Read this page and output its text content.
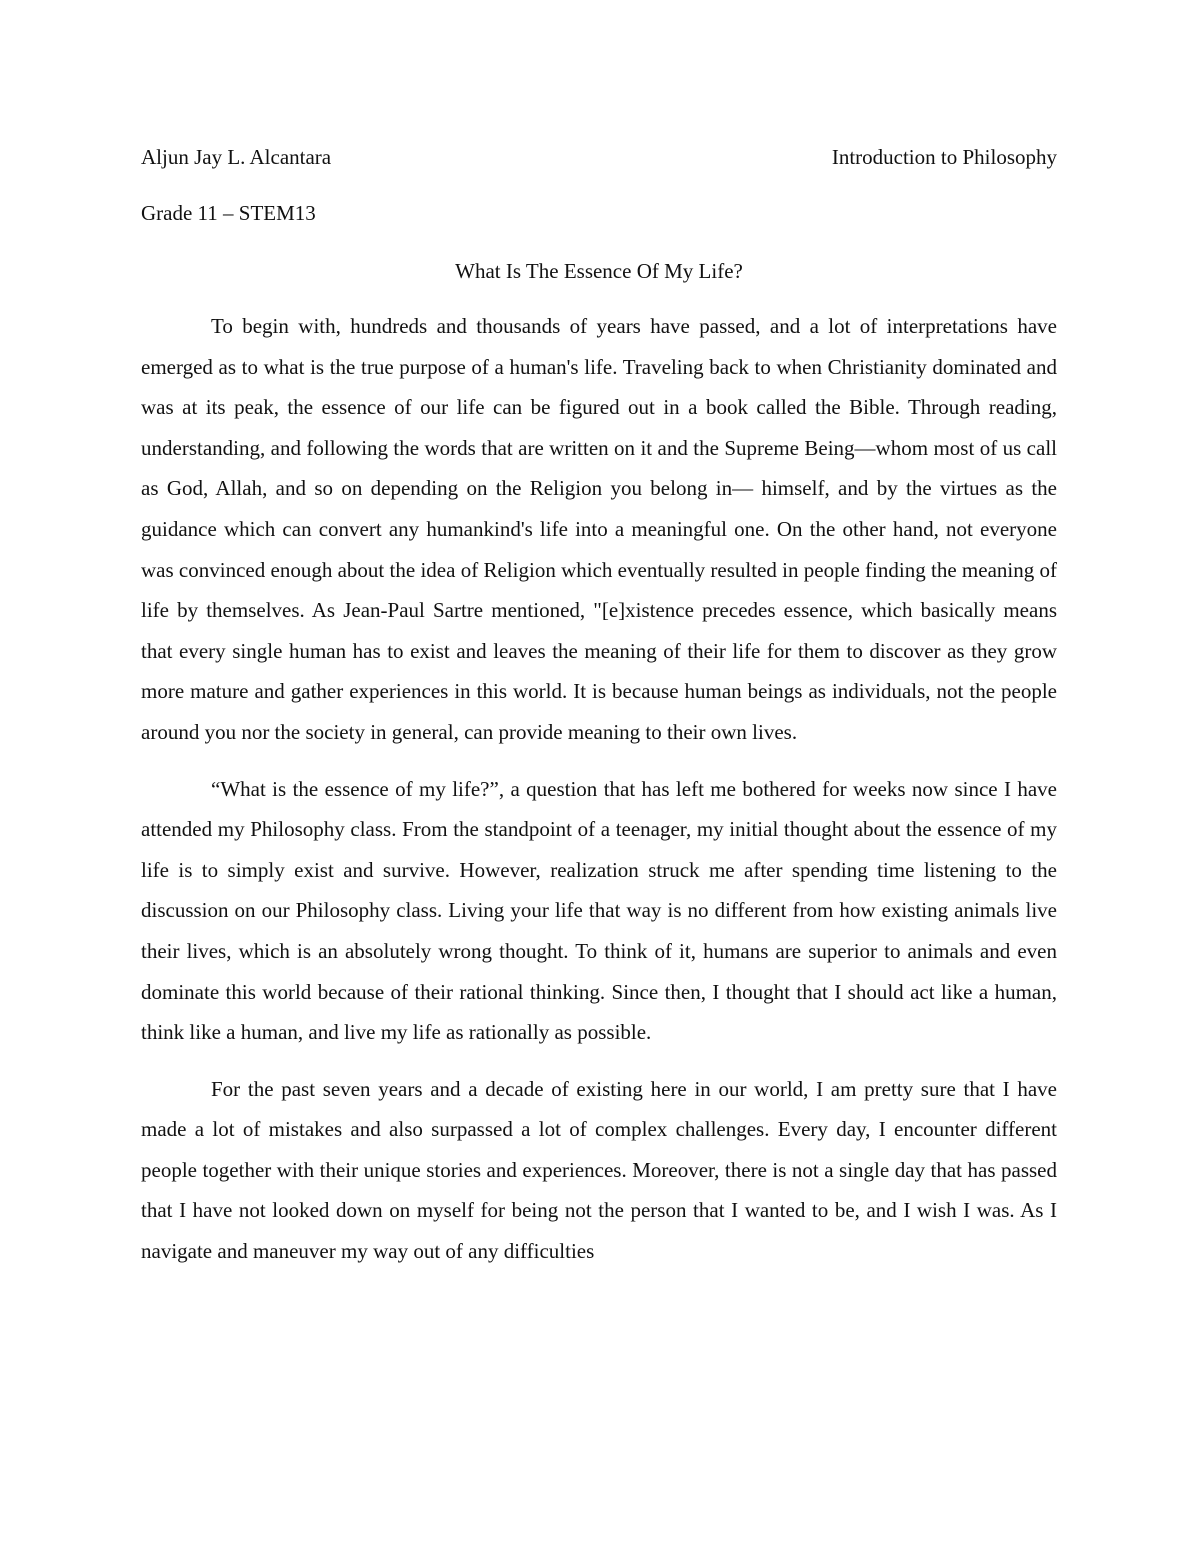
Aljun Jay L. Alcantara	Introduction to Philosophy
Grade 11 – STEM13
What Is The Essence Of My Life?

To begin with, hundreds and thousands of years have passed, and a lot of interpretations have emerged as to what is the true purpose of a human's life. Traveling back to when Christianity dominated and was at its peak, the essence of our life can be figured out in a book called the Bible. Through reading, understanding, and following the words that are written on it and the Supreme Being—whom most of us call as God, Allah, and so on depending on the Religion you belong in— himself, and by the virtues as the guidance which can convert any humankind's life into a meaningful one. On the other hand, not everyone was convinced enough about the idea of Religion which eventually resulted in people finding the meaning of life by themselves. As Jean-Paul Sartre mentioned, "[e]xistence precedes essence, which basically means that every single human has to exist and leaves the meaning of their life for them to discover as they grow more mature and gather experiences in this world. It is because human beings as individuals, not the people around you nor the society in general, can provide meaning to their own lives.

“What is the essence of my life?”, a question that has left me bothered for weeks now since I have attended my Philosophy class. From the standpoint of a teenager, my initial thought about the essence of my life is to simply exist and survive. However, realization struck me after spending time listening to the discussion on our Philosophy class. Living your life that way is no different from how existing animals live their lives, which is an absolutely wrong thought. To think of it, humans are superior to animals and even dominate this world because of their rational thinking. Since then, I thought that I should act like a human, think like a human, and live my life as rationally as possible.

For the past seven years and a decade of existing here in our world, I am pretty sure that I have made a lot of mistakes and also surpassed a lot of complex challenges. Every day, I encounter different people together with their unique stories and experiences. Moreover, there is not a single day that has passed that I have not looked down on myself for being not the person that I wanted to be, and I wish I was. As I navigate and maneuver my way out of any difficulties
